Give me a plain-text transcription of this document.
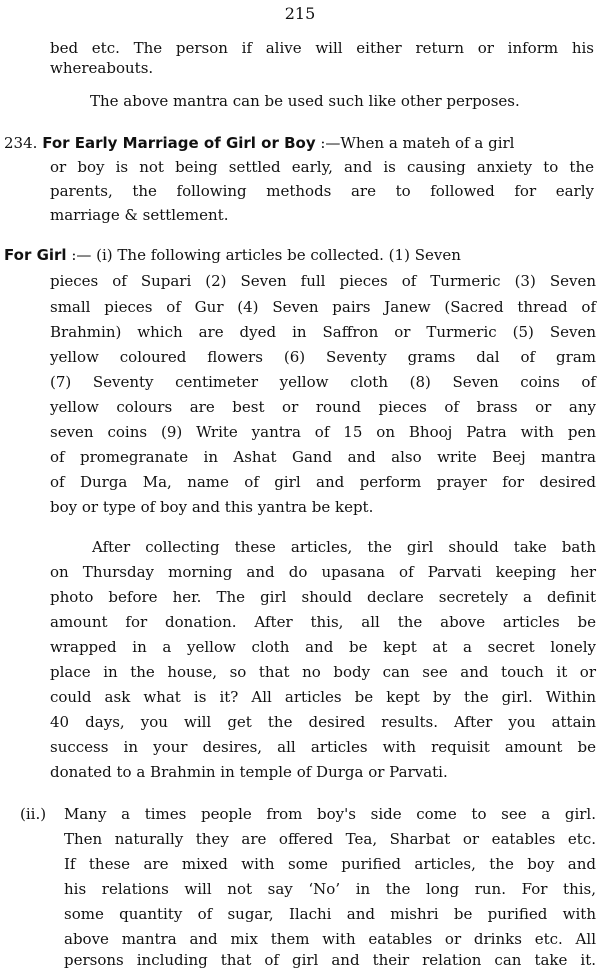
215
bed etc. The person if alive will either return or inform his
whereabouts.
The above mantra can be used such like other perposes.
234. For Early Marriage of Girl or Boy :—When a mateh of a girl
or boy is not being settled early, and is causing anxiety to the
parents, the following methods are to followed for early
marriage & settlement.
For Girl :— (i) The following articles be collected. (1) Seven
pieces of Supari (2) Seven full pieces of Turmeric (3) Seven
small pieces of Gur (4) Seven pairs Janew (Sacred thread of
Brahmin) which are dyed in Saffron or Turmeric (5) Seven
yellow coloured flowers (6) Seventy grams dal of gram
(7) Seventy centimeter yellow cloth (8) Seven coins of
yellow colours are best or round pieces of brass or any
seven coins (9) Write yantra of 15 on Bhooj Patra with pen
of promegranate in Ashat Gand and also write Beej mantra
of Durga Ma, name of girl and perform prayer for desired
boy or type of boy and this yantra be kept.
After collecting these articles, the girl should take bath
on Thursday morning and do upasana of Parvati keeping her
photo before her. The girl should declare secretely a definit
amount for donation. After this, all the above articles be
wrapped in a yellow cloth and be kept at a secret lonely
place in the house, so that no body can see and touch it or
could ask what is it? All articles be kept by the girl. Within
40 days, you will get the desired results. After you attain
success in your desires, all articles with requisit amount be
donated to a Brahmin in temple of Durga or Parvati.
(ii.) Many a times people from boy's side come to see a girl.
Then naturally they are offered Tea, Sharbat or eatables etc.
If these are mixed with some purified articles, the boy and
his relations will not say ‘No’ in the long run. For this,
some quantity of sugar, Ilachi and mishri be purified with
above mantra and mix them with eatables or drinks etc. All
persons including that of girl and their relation can take it.
